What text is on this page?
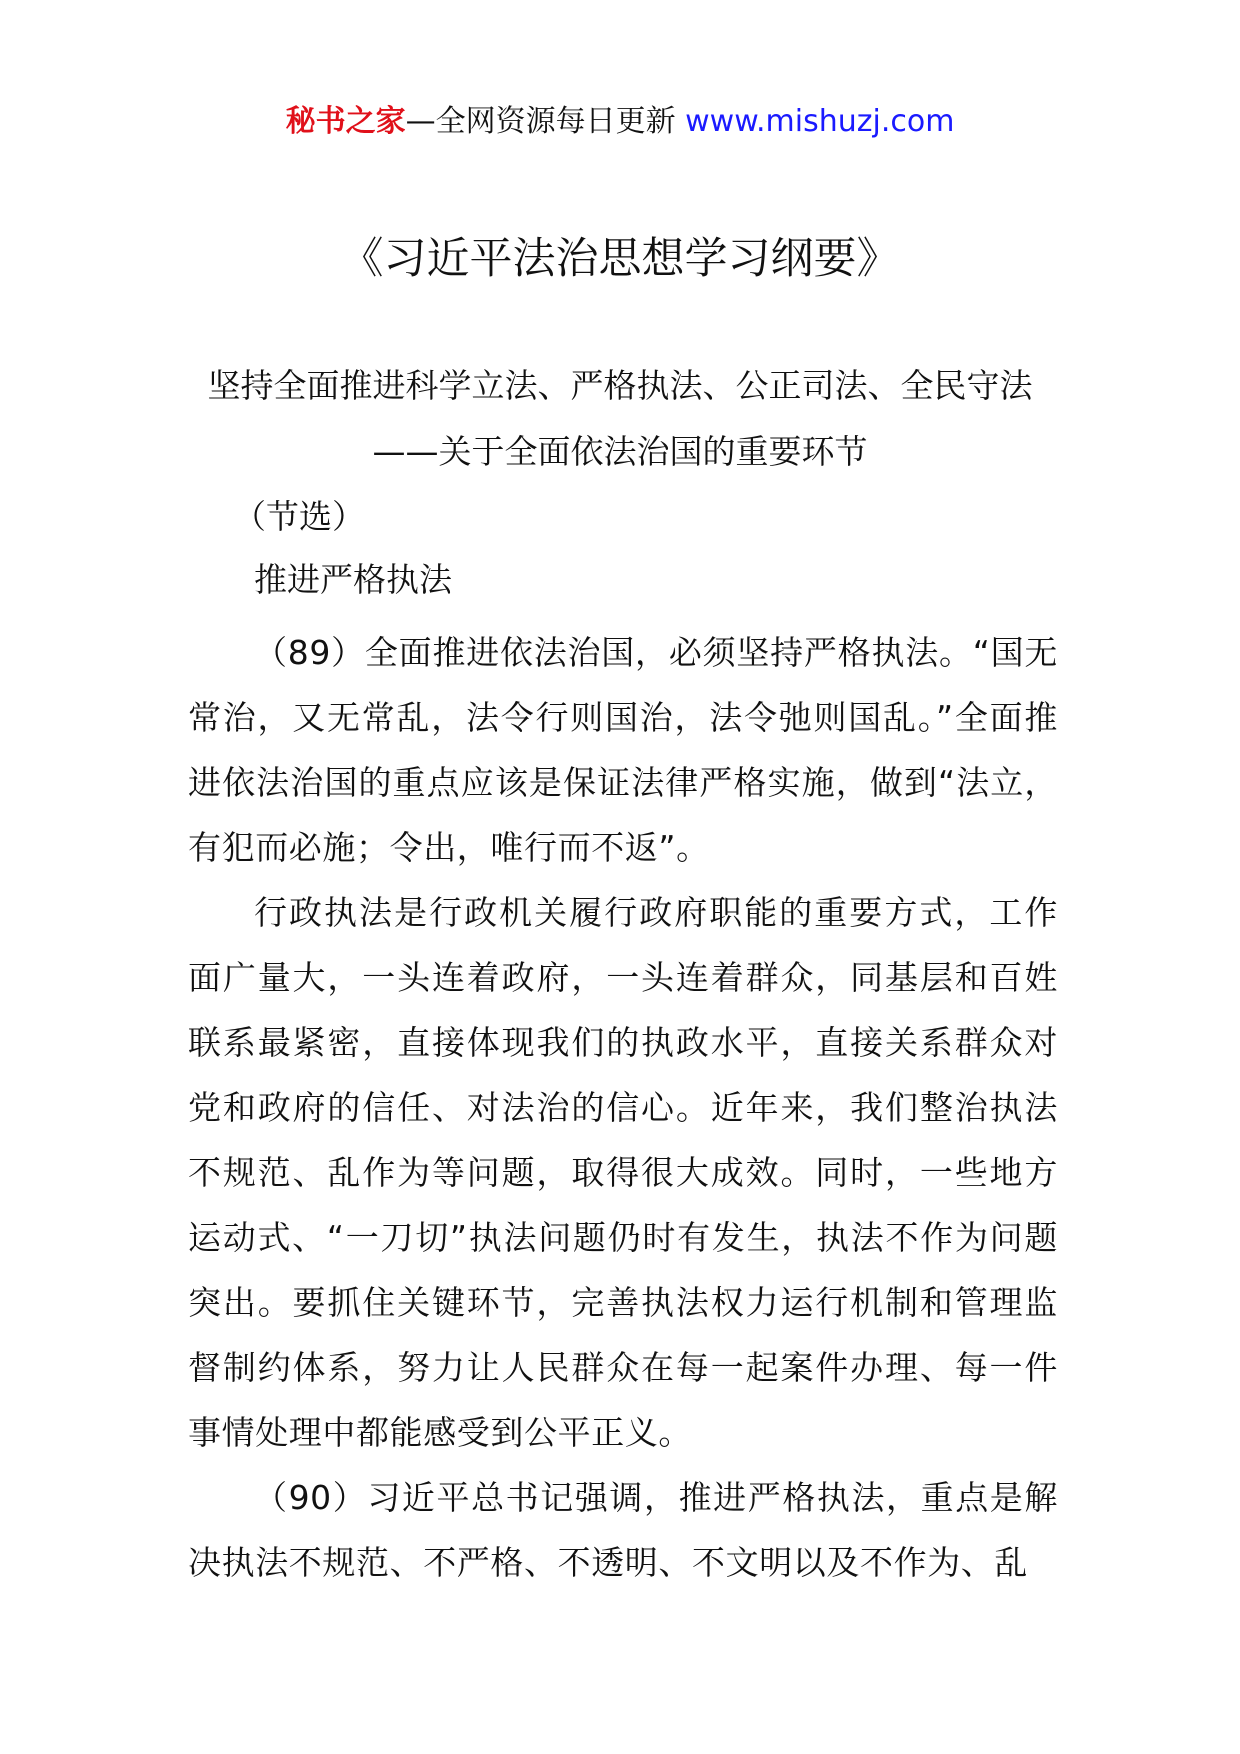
秘书之家—全网资源每日更新 www.mishuzj.com
《习近平法治思想学习纲要》
坚持全面推进科学立法、严格执法、公正司法、全民守法
——关于全面依法治国的重要环节
（节选）
推进严格执法

（89）全面推进依法治国，必须坚持严格执法。“国无常治，又无常乱，法令行则国治，法令弛则国乱。”全面推进依法治国的重点应该是保证法律严格实施，做到“法立，有犯而必施；令出，唯行而不返”。

行政执法是行政机关履行政府职能的重要方式，工作面广量大，一头连着政府，一头连着群众，同基层和百姓联系最紧密，直接体现我们的执政水平，直接关系群众对党和政府的信任、对法治的信心。近年来，我们整治执法不规范、乱作为等问题，取得很大成效。同时，一些地方运动式、“一刀切”执法问题仍时有发生，执法不作为问题突出。要抓住关键环节，完善执法权力运行机制和管理监督制约体系，努力让人民群众在每一起案件办理、每一件事情处理中都能感受到公平正义。

（90）习近平总书记强调，推进严格执法，重点是解决执法不规范、不严格、不透明、不文明以及不作为、乱
